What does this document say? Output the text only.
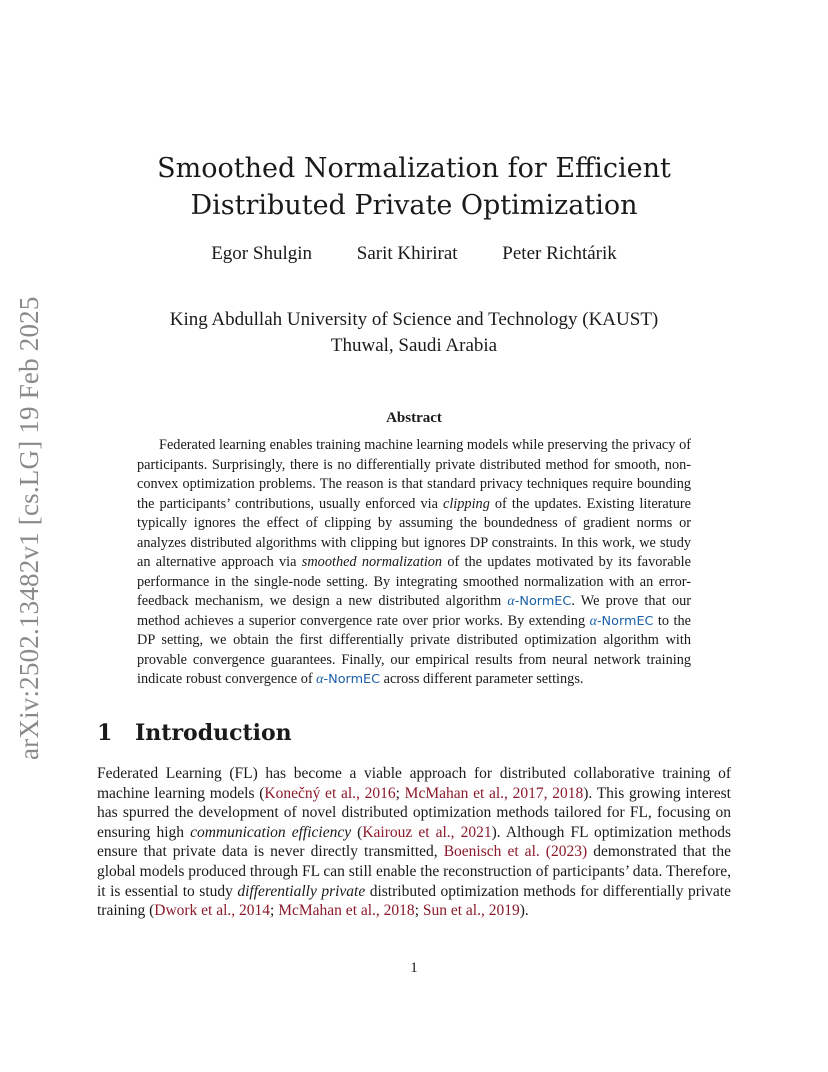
arXiv:2502.13482v1 [cs.LG] 19 Feb 2025
Smoothed Normalization for Efficient
Distributed Private Optimization
Egor Shulgin Sarit Khirirat Peter Richtárik
King Abdullah University of Science and Technology (KAUST)
Thuwal, Saudi Arabia
Abstract

Federated learning enables training machine learning models while preserving the privacy of participants. Surprisingly, there is no differentially private distributed method for smooth, non-convex optimization problems. The reason is that standard privacy techniques require bounding the participants’ contributions, usually enforced via clipping of the updates. Existing literature typically ignores the effect of clipping by assuming the boundedness of gradient norms or analyzes distributed algorithms with clipping but ignores DP constraints. In this work, we study an alternative approach via smoothed normalization of the updates motivated by its favorable performance in the single-node setting. By integrating smoothed normalization with an error-feedback mechanism, we design a new distributed algorithm α-NormEC. We prove that our method achieves a superior convergence rate over prior works. By extending α-NormEC to the DP setting, we obtain the first differentially private distributed optimization algorithm with provable convergence guarantees. Finally, our empirical results from neural network training indicate robust convergence of α-NormEC across different parameter settings.

1 Introduction

Federated Learning (FL) has become a viable approach for distributed collaborative training of machine learning models (Konečný et al., 2016; McMahan et al., 2017, 2018). This growing interest has spurred the development of novel distributed optimization methods tailored for FL, focusing on ensuring high communication efficiency (Kairouz et al., 2021). Although FL optimization methods ensure that private data is never directly transmitted, Boenisch et al. (2023) demonstrated that the global models produced through FL can still enable the reconstruction of participants’ data. Therefore, it is essential to study differentially private distributed optimization methods for differentially private training (Dwork et al., 2014; McMahan et al., 2018; Sun et al., 2019).

1
